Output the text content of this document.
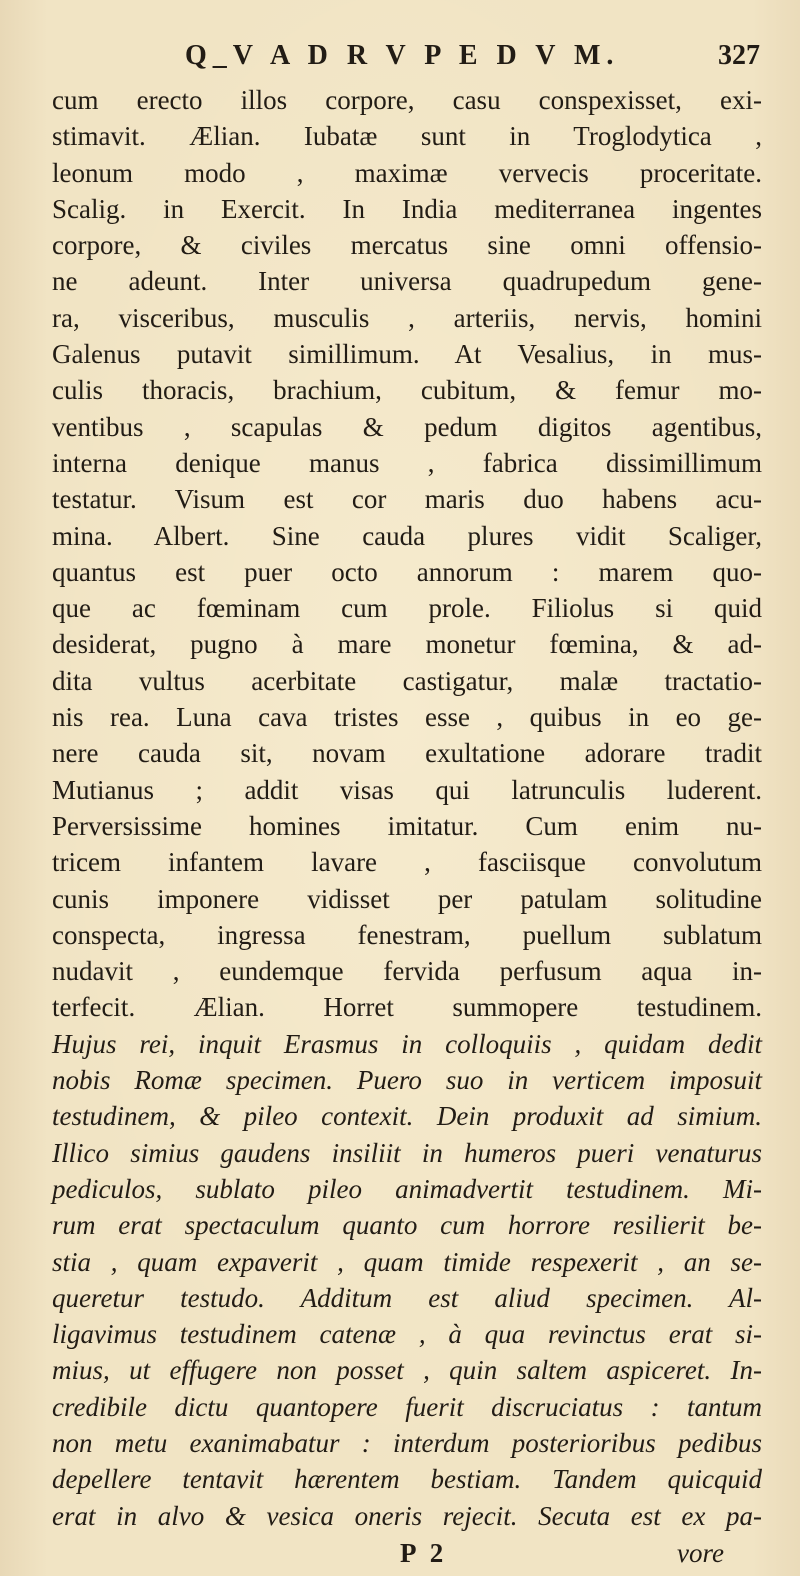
Q_V A D R V P E D V M.	327
cum erecto illos corpore, casu conspexisset, exi-
stimavit. Ælian. Iubatæ sunt in Troglodytica ,
leonum modo , maximæ vervecis proceritate.
Scalig. in Exercit. In India mediterranea ingentes
corpore, & civiles mercatus sine omni offensio-
ne adeunt. Inter universa quadrupedum gene-
ra, visceribus, musculis , arteriis, nervis, homini
Galenus putavit simillimum. At Vesalius, in mus-
culis thoracis, brachium, cubitum, & femur mo-
ventibus , scapulas & pedum digitos agentibus,
interna denique manus , fabrica dissimillimum
testatur. Visum est cor maris duo habens acu-
mina. Albert. Sine cauda plures vidit Scaliger,
quantus est puer octo annorum : marem quo-
que ac fœminam cum prole. Filiolus si quid
desiderat, pugno à mare monetur fœmina, & ad-
dita vultus acerbitate castigatur, malæ tractatio-
nis rea. Luna cava tristes esse , quibus in eo ge-
nere cauda sit, novam exultatione adorare tradit
Mutianus ; addit visas qui latrunculis luderent.
Perversissime homines imitatur. Cum enim nu-
tricem infantem lavare , fasciisque convolutum
cunis imponere vidisset per patulam solitudine
conspecta, ingressa fenestram, puellum sublatum
nudavit , eundemque fervida perfusum aqua in-
terfecit. Ælian. Horret summopere testudinem.
Hujus rei, inquit Erasmus in colloquiis , quidam dedit
nobis Romæ specimen. Puero suo in verticem imposuit
testudinem, & pileo contexit. Dein produxit ad simium.
Illico simius gaudens insiliit in humeros pueri venaturus
pediculos, sublato pileo animadvertit testudinem. Mi-
rum erat spectaculum quanto cum horrore resilierit be-
stia , quam expaverit , quam timide respexerit , an se-
queretur testudo. Additum est aliud specimen. Al-
ligavimus testudinem catenæ , à qua revinctus erat si-
mius, ut effugere non posset , quin saltem aspiceret. In-
credibile dictu quantopere fuerit discruciatus : tantum
non metu exanimabatur : interdum posterioribus pedibus
depellere tentavit hærentem bestiam. Tandem quicquid
erat in alvo & vesica oneris rejecit. Secuta est ex pa-
P 2	vore
